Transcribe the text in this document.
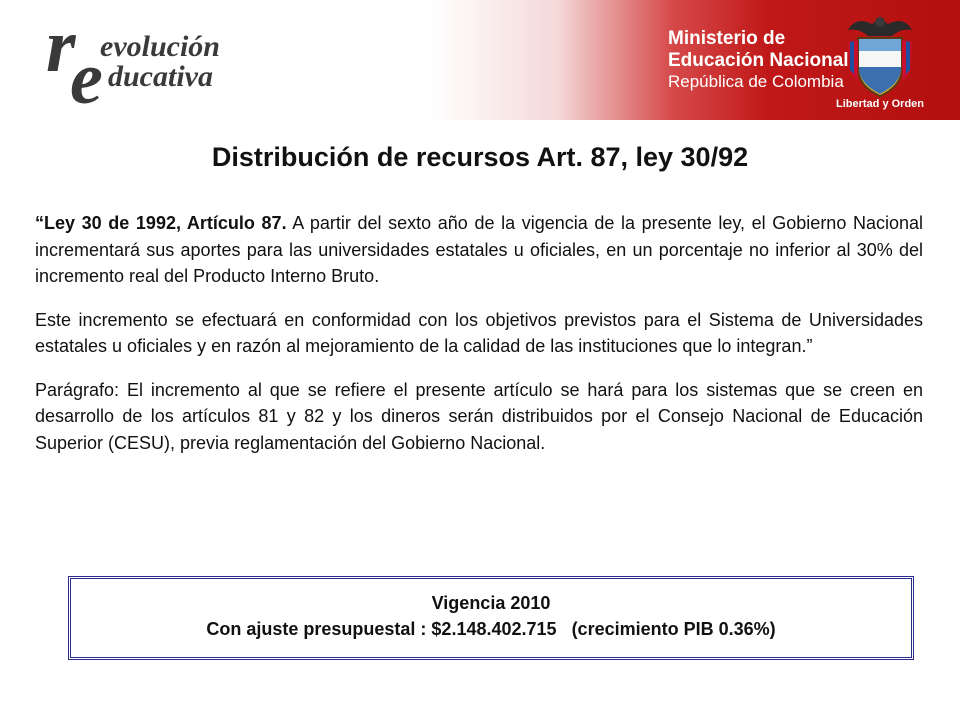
r
e
evolución
ducativa
Ministerio de
Educación Nacional
República de Colombia
Libertad y Orden
Distribución de recursos Art. 87, ley 30/92

“Ley 30 de 1992, Artículo 87. A partir del sexto año de la vigencia de la presente ley, el Gobierno Nacional incrementará sus aportes para las universidades estatales u oficiales, en un porcentaje no inferior al 30% del incremento real del Producto Interno Bruto.

Este incremento se efectuará en conformidad con los objetivos previstos para el Sistema de Universidades estatales u oficiales y en razón al mejoramiento de la calidad de las instituciones que lo integran.”

Parágrafo: El incremento al que se refiere el presente artículo se hará para los sistemas que se creen en desarrollo de los artículos 81 y 82 y los dineros serán distribuidos por el Consejo Nacional de Educación Superior (CESU), previa reglamentación del Gobierno Nacional.

Vigencia 2010
Con ajuste presupuestal : $2.148.402.715 (crecimiento PIB 0.36%)
